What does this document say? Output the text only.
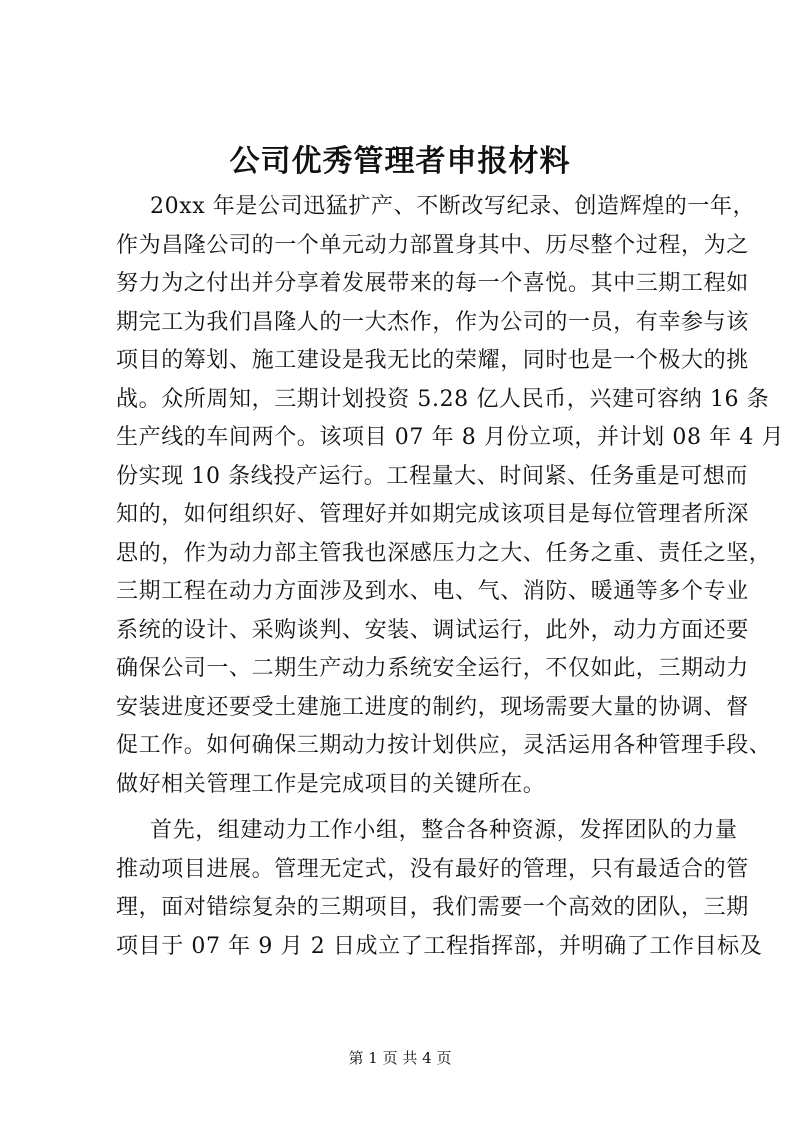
公司优秀管理者申报材料
20xx 年是公司迅猛扩产、不断改写纪录、创造辉煌的一年，
作为昌隆公司的一个单元动力部置身其中、历尽整个过程，为之
努力为之付出并分享着发展带来的每一个喜悦。其中三期工程如
期完工为我们昌隆人的一大杰作，作为公司的一员，有幸参与该
项目的筹划、施工建设是我无比的荣耀，同时也是一个极大的挑
战。众所周知，三期计划投资 5.28 亿人民币，兴建可容纳 16 条
生产线的车间两个。该项目 07 年 8 月份立项，并计划 08 年 4 月
份实现 10 条线投产运行。工程量大、时间紧、任务重是可想而
知的，如何组织好、管理好并如期完成该项目是每位管理者所深
思的，作为动力部主管我也深感压力之大、任务之重、责任之坚，
三期工程在动力方面涉及到水、电、气、消防、暖通等多个专业
系统的设计、采购谈判、安装、调试运行，此外，动力方面还要
确保公司一、二期生产动力系统安全运行，不仅如此，三期动力
安装进度还要受土建施工进度的制约，现场需要大量的协调、督
促工作。如何确保三期动力按计划供应，灵活运用各种管理手段、
做好相关管理工作是完成项目的关键所在。
首先，组建动力工作小组，整合各种资源，发挥团队的力量
推动项目进展。管理无定式，没有最好的管理，只有最适合的管
理，面对错综复杂的三期项目，我们需要一个高效的团队，三期
项目于 07 年 9 月 2 日成立了工程指挥部，并明确了工作目标及
第 1 页 共 4 页
